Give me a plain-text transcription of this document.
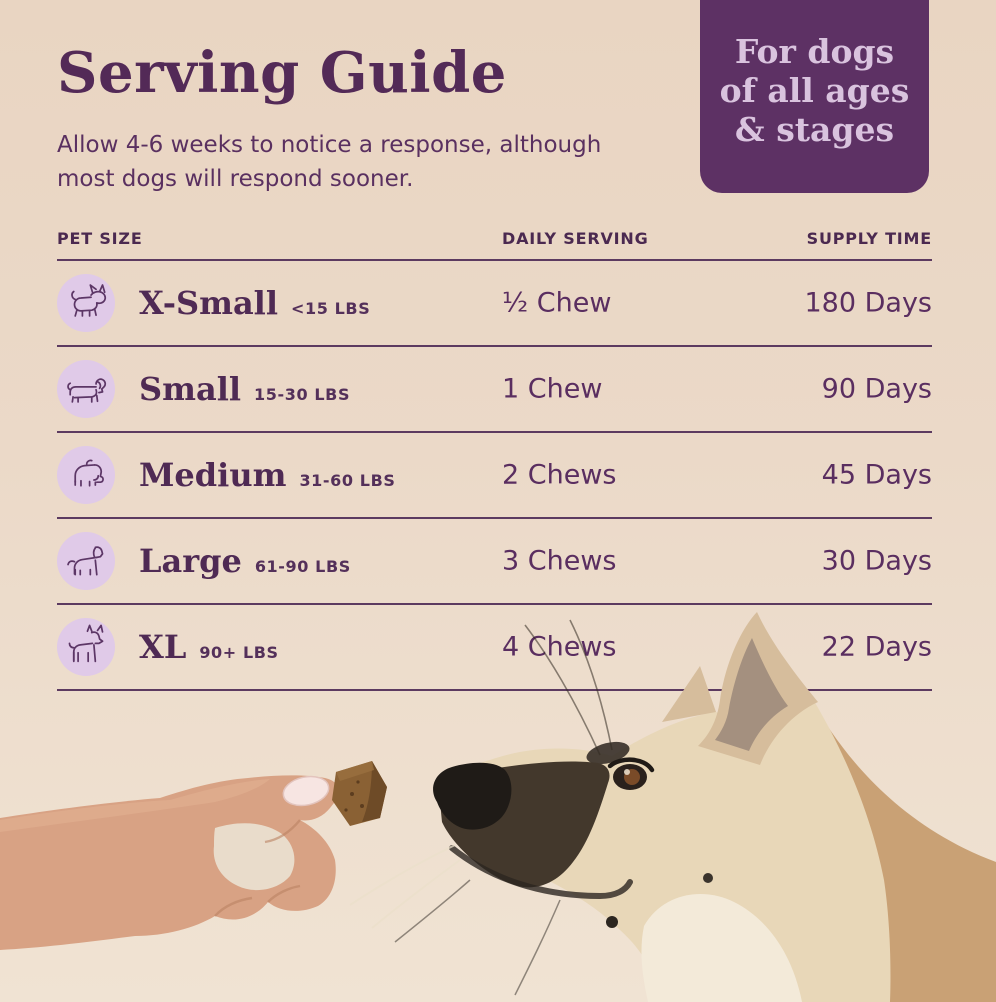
Serving Guide
Allow 4-6 weeks to notice a response, although
most dogs will respond sooner.
For dogs
of all ages
& stages
PET SIZE	DAILY SERVING	SUPPLY TIME
X-Small <15 LBS	½ Chew	180 Days
Small 15-30 LBS	1 Chew	90 Days
Medium 31-60 LBS	2 Chews	45 Days
Large 61-90 LBS	3 Chews	30 Days
XL 90+ LBS	4 Chews	22 Days
